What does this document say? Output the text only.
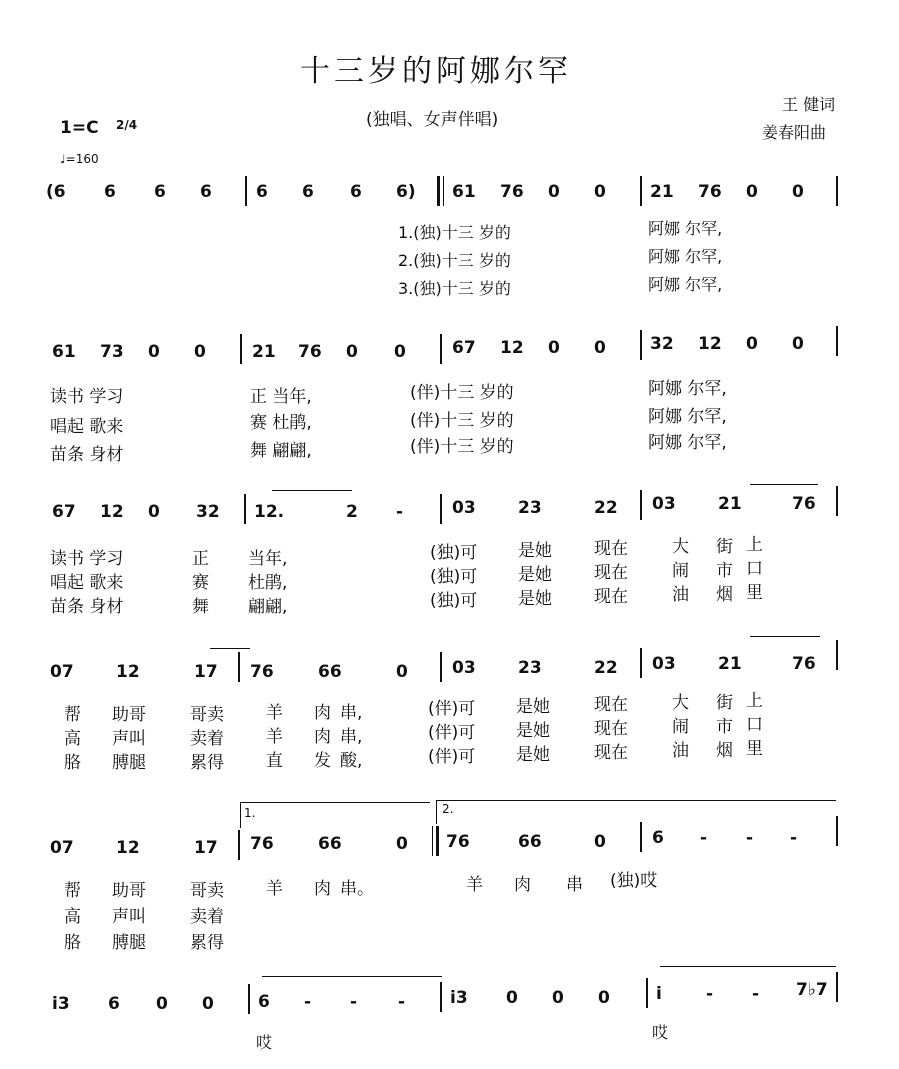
十三岁的阿娜尔罕
(独唱、女声伴唱)
王 健词
姜春阳曲
1=C 2/4
♩=160
(6 6 6 6	6 6 6 6) 61 76 0 0	21 76 0 0
1.(独)十三 岁的	阿娜 尔罕,
2.(独)十三 岁的	阿娜 尔罕,
3.(独)十三 岁的	阿娜 尔罕,
61 73 0 0	21 76 0 0	67 12 0 0	32 12 0 0
读书 学习	正 当年,	(伴)十三 岁的	阿娜 尔罕,
唱起 歌来	赛 杜鹃,	(伴)十三 岁的	阿娜 尔罕,
苗条 身材	舞 翩翩,	(伴)十三 岁的	阿娜 尔罕,
67 12 0 32 12.	2 -	03 23	22 03 21	76
读书 学习	正 当年,	(独)可 是她 现在	大 街 上
唱起 歌来	赛 杜鹃,	(独)可 是她 现在	闹 市 口
苗条 身材	舞 翩翩,	(独)可 是她 现在	油 烟 里
07 12	17 76	66	0	03 23	22 03 21	76
帮 助哥	哥卖 羊 肉 串,	(伴)可 是她	现在	大 街 上
高 声叫	卖着 羊 肉 串,	(伴)可 是她	现在	闹 市 口
胳 膊腿	累得 直 发 酸,	(伴)可 是她	现在	油 烟 里
1.	2.
07 12	17 76	66	0 76	66	0	6 - - -
帮 助哥	哥卖 羊 肉 串。	羊 肉 串 (独)哎
高 声叫	卖着
胳 膊腿	累得
i3 6 0 0	6 - - -	i3 0 0 0	i	- - 7♭7
哎
哎
